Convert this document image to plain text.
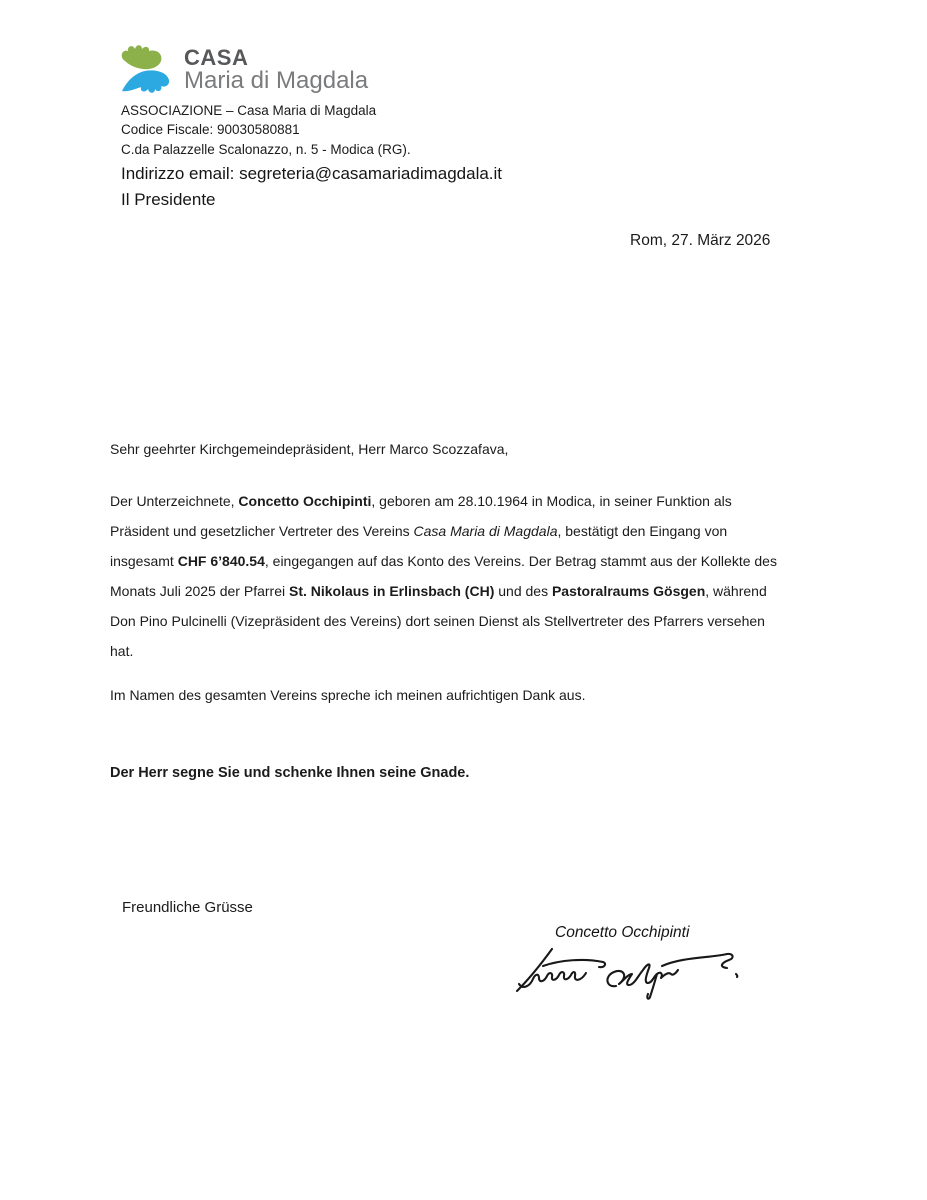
CASA
Maria di Magdala
ASSOCIAZIONE – Casa Maria di Magdala
Codice Fiscale: 90030580881
C.da Palazzelle Scalonazzo, n. 5 - Modica (RG).
Indirizzo email: segreteria@casamariadimagdala.it
Il Presidente
Rom, 27. März 2026
Sehr geehrter Kirchgemeindepräsident, Herr Marco Scozzafava,
Der Unterzeichnete, Concetto Occhipinti, geboren am 28.10.1964 in Modica, in seiner Funktion als
Präsident und gesetzlicher Vertreter des Vereins Casa Maria di Magdala, bestätigt den Eingang von
insgesamt CHF 6’840.54, eingegangen auf das Konto des Vereins. Der Betrag stammt aus der Kollekte des
Monats Juli 2025 der Pfarrei St. Nikolaus in Erlinsbach (CH) und des Pastoralraums Gösgen, während
Don Pino Pulcinelli (Vizepräsident des Vereins) dort seinen Dienst als Stellvertreter des Pfarrers versehen
hat.
Im Namen des gesamten Vereins spreche ich meinen aufrichtigen Dank aus.
Der Herr segne Sie und schenke Ihnen seine Gnade.
Freundliche Grüsse
Concetto Occhipinti
